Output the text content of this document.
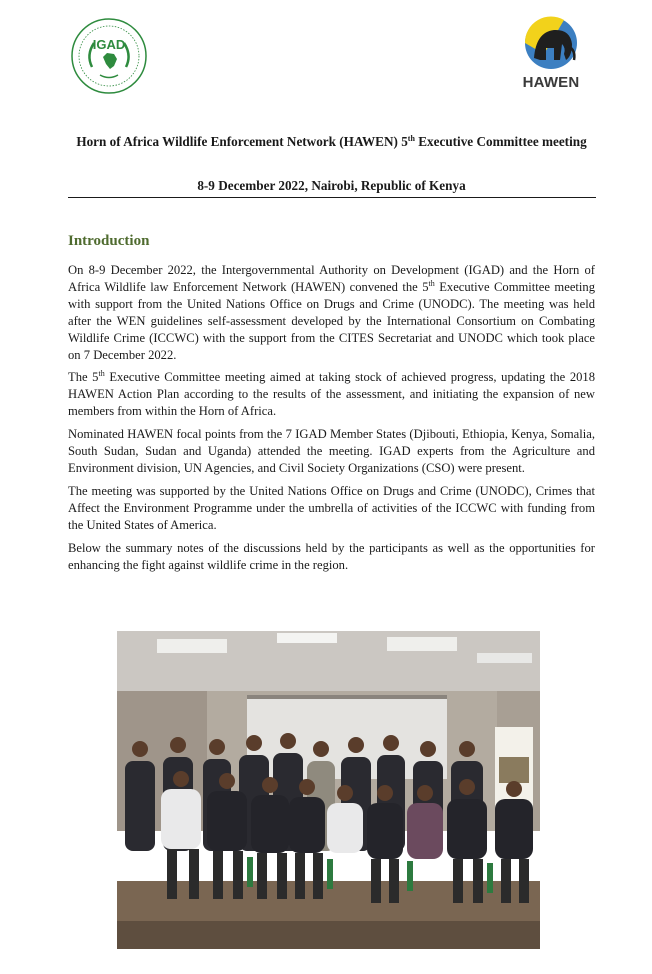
IGAD
HAWEN
Horn of Africa Wildlife Enforcement Network (HAWEN) 5th Executive Committee meeting
8-9 December 2022, Nairobi, Republic of Kenya
Introduction

On 8-9 December 2022, the Intergovernmental Authority on Development (IGAD) and the Horn of Africa Wildlife law Enforcement Network (HAWEN) convened the 5th Executive Committee meeting with support from the United Nations Office on Drugs and Crime (UNODC). The meeting was held after the WEN guidelines self-assessment developed by the International Consortium on Combating Wildlife Crime (ICCWC) with the support from the CITES Secretariat and UNODC which took place on 7 December 2022.

The 5th Executive Committee meeting aimed at taking stock of achieved progress, updating the 2018 HAWEN Action Plan according to the results of the assessment, and initiating the expansion of new members from within the Horn of Africa.

Nominated HAWEN focal points from the 7 IGAD Member States (Djibouti, Ethiopia, Kenya, Somalia, South Sudan, Sudan and Uganda) attended the meeting. IGAD experts from the Agriculture and Environment division, UN Agencies, and Civil Society Organizations (CSO) were present.

The meeting was supported by the United Nations Office on Drugs and Crime (UNODC), Crimes that Affect the Environment Programme under the umbrella of activities of the ICCWC with funding from the United States of America.

Below the summary notes of the discussions held by the participants as well as the opportunities for enhancing the fight against wildlife crime in the region.
